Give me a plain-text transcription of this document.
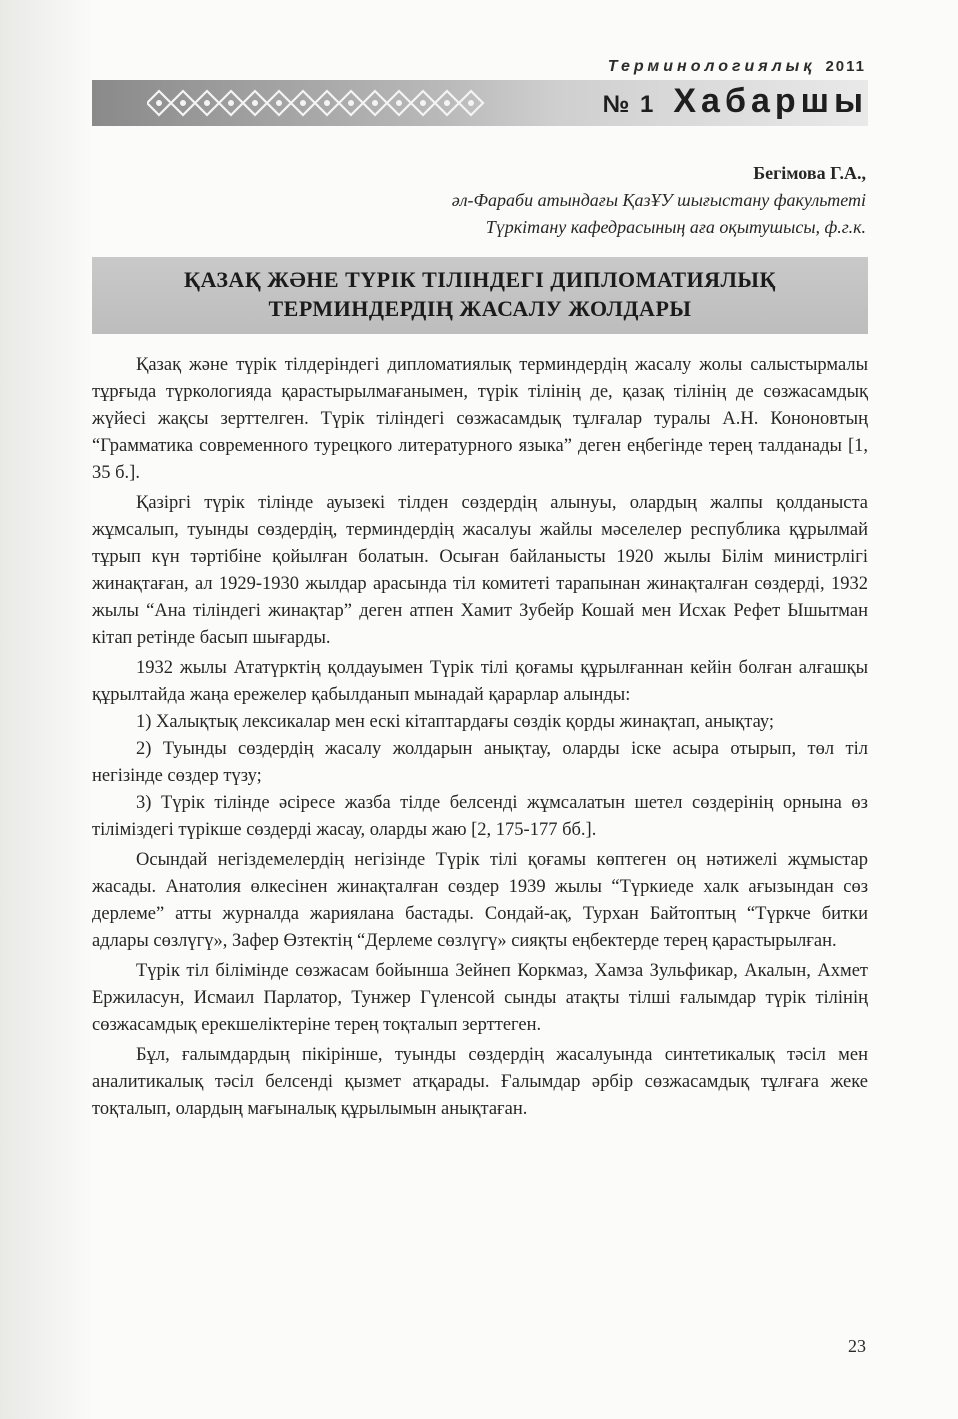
Терминологиялық 2011
№ 1 Хабаршы
Бегімова Г.А.,
әл-Фараби атындағы ҚазҰУ шығыстану факультеті
Түркітану кафедрасының аға оқытушысы, ф.г.к.
ҚАЗАҚ ЖӘНЕ ТҮРІК ТІЛІНДЕГІ ДИПЛОМАТИЯЛЫҚ
ТЕРМИНДЕРДІҢ ЖАСАЛУ ЖОЛДАРЫ

Қазақ және түрік тілдеріндегі дипломатиялық терминдердің жасалу жолы салыстырмалы тұрғыда түркологияда қарастырылмағанымен, түрік тілінің де, қазақ тілінің де сөзжасамдық жүйесі жақсы зерттелген. Түрік тіліндегі сөзжасамдық тұлғалар туралы А.Н. Кононовтың “Грамматика современного турецкого литературного языка” деген еңбегінде терең талданады [1, 35 б.].

Қазіргі түрік тілінде ауызекі тілден сөздердің алынуы, олардың жалпы қолданыста жұмсалып, туынды сөздердің, терминдердің жасалуы жайлы мәселелер республика құрылмай тұрып күн тәртібіне қойылған болатын. Осыған байланысты 1920 жылы Білім министрлігі жинақтаған, ал 1929-1930 жылдар арасында тіл комитеті тарапынан жинақталған сөздерді, 1932 жылы “Ана тіліндегі жинақтар” деген атпен Хамит Зубейр Кошай мен Исхак Рефет Ышытман кітап ретінде басып шығарды.

1932 жылы Ататүрктің қолдауымен Түрік тілі қоғамы құрылғаннан кейін болған алғашқы құрылтайда жаңа ережелер қабылданып мынадай қарарлар алынды:

1) Халықтық лексикалар мен ескі кітаптардағы сөздік қорды жинақтап, анықтау;

2) Туынды сөздердің жасалу жолдарын анықтау, оларды іске асыра отырып, төл тіл негізінде сөздер түзу;

3) Түрік тілінде әсіресе жазба тілде белсенді жұмсалатын шетел сөздерінің орнына өз тіліміздегі түрікше сөздерді жасау, оларды жаю [2, 175-177 бб.].

Осындай негіздемелердің негізінде Түрік тілі қоғамы көптеген оң нәтижелі жұмыстар жасады. Анатолия өлкесінен жинақталған сөздер 1939 жылы “Түркиеде халк ағызындан сөз дерлеме” атты журналда жариялана бастады. Сондай-ақ, Турхан Байтоптың “Түркче битки адлары сөзлүгү», Зафер Өзтектің “Дерлеме сөзлүгү» сияқты еңбектерде терең қарастырылған.

Түрік тіл білімінде сөзжасам бойынша Зейнеп Коркмаз, Хамза Зульфикар, Акалын, Ахмет Ержиласун, Исмаил Парлатор, Тунжер Гүленсой сынды атақты тілші ғалымдар түрік тілінің сөзжасамдық ерекшеліктеріне терең тоқталып зерттеген.

Бұл, ғалымдардың пікірінше, туынды сөздердің жасалуында синтетикалық тәсіл мен аналитикалық тәсіл белсенді қызмет атқарады. Ғалымдар әрбір сөзжасамдық тұлғаға жеке тоқталып, олардың мағыналық құрылымын анықтаған.

23
